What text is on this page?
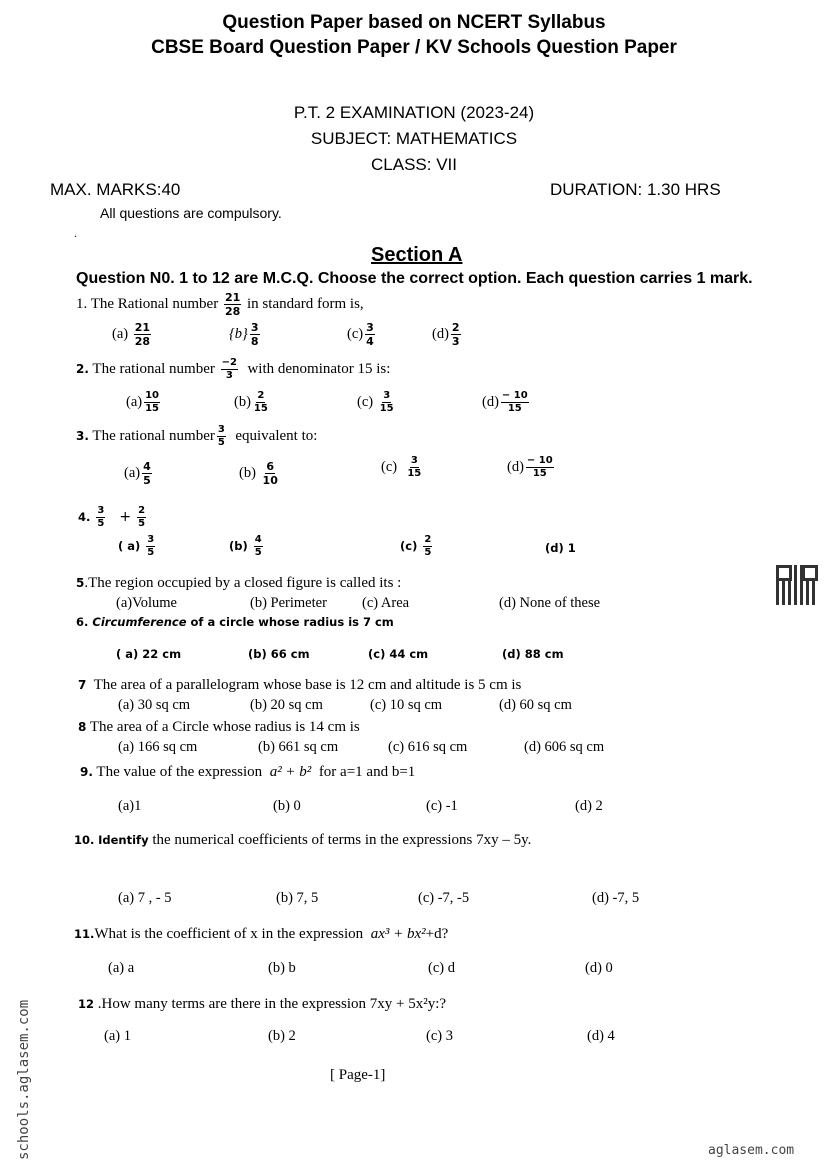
Question Paper based on NCERT Syllabus
CBSE Board Question Paper / KV Schools Question Paper
P.T. 2 EXAMINATION (2023-24)
SUBJECT: MATHEMATICS
CLASS: VII
MAX. MARKS:40	DURATION: 1.30 HRS
All questions are compulsory.
.
Section A
Question N0. 1 to 12 are M.C.Q. Choose the correct option. Each question carries 1 mark.
1. The Rational number $\frac{21}{28}$ in standard form is,
$(a) \frac{21}{28}$	$\{b\} \frac{3}{8}$	$(c) \frac{3}{4}$	$(d) \frac{2}{3}$
2. The rational number $\frac{-2}{3}$ with denominator 15 is:
$(a) \frac{10}{15}$	$(b) \frac{2}{15}$	$(c) \frac{3}{15}$	$(d) \frac{- 10}{15}$
3. The rational number $\frac{3}{5}$ equivalent to:
$(a) \frac{4}{5}$	$(b) \frac{6}{10}$	$(c) \frac{3}{15}$	$(d) \frac{- 10}{15}$
4. $\frac{3}{5} + \frac{2}{5}$
( $a) \frac{3}{5}$	$(b) \frac{4}{5}$	$(c) \frac{2}{5}$	(d) 1
5.The region occupied by a closed figure is called its :
(a)Volume	(b) Perimeter (c) Area	(d) None of these
6. Circumference of a circle whose radius is 7 cm
( a) 22 cm	(b) 66 cm	(c) 44 cm	(d) 88 cm
7 The area of a parallelogram whose base is 12 cm and altitude is 5 cm is
(a) 30 sq cm	(b) 20 sq cm	(c) 10 sq cm	(d) 60 sq cm
8 The area of a Circle whose radius is 14 cm is
(a) 166 sq cm	(b) 661 sq cm	(c) 616 sq cm	(d) 606 sq cm
9. The value of the expression a² + b² for a=1 and b=1
(a)1	(b) 0	(c) -1	(d) 2
10. Identify the numerical coefficients of terms in the expressions 7xy – 5y.
(a) 7 , - 5	(b) 7, 5	(c) -7, -5	(d) -7, 5
11.What is the coefficient of x in the expression ax³ + bx²+d?
(a) a	(b) b	(c) d	(d) 0
12 .How many terms are there in the expression 7xy + 5x²y:?
(a) 1	(b) 2	(c) 3	(d) 4
[ Page-1]
schools.aglasem.com	aglasem.com
